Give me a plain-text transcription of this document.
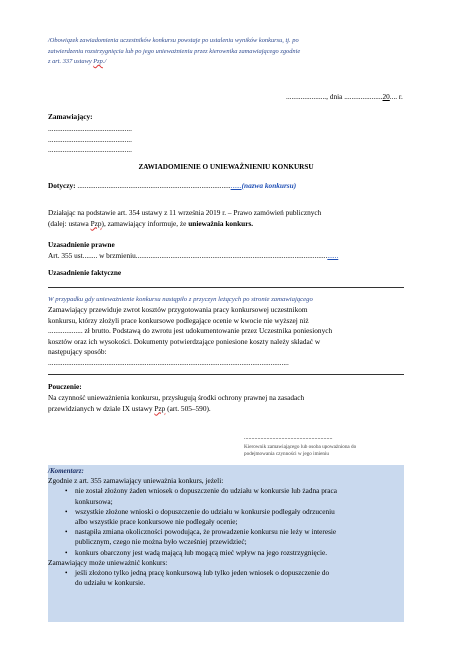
/Obowiązek zawiadomienia uczestników konkursu powstaje po ustaleniu wyników konkursu, tj. po
zatwierdzeniu rozstrzygnięcia lub po jego unieważnieniu przez kierownika zamawiającego zgodnie
z art. 337 ustawy Pzp./
......................, dnia .....................20.... r.
Zamawiający:
..............................................
..............................................
..............................................
ZAWIADOMIENIE O UNIEWAŻNIENIU KONKURSU
Dotyczy: ..........................................................................................(nazwa konkursu)
Działając na podstawie art. 354 ustawy z 11 września 2019 r. – Prawo zamówień publicznych
(dalej: ustawa Pzp), zamawiający informuje, że unieważnia konkurs.
Uzasadnienie prawne
Art. 355 ust........ w brzmieniu...............................................................................................................
Uzasadnienie faktyczne
W przypadku gdy unieważnienie konkursu nastąpiło z przyczyn leżących po stronie zamawiającego
Zamawiający przewiduje zwrot kosztów przygotowania pracy konkursowej uczestnikom
konkursu, którzy złożyli prace konkursowe podlegające ocenie w kwocie nie wyższej niż
................... zł brutto. Podstawą do zwrotu jest udokumentowanie przez Uczestnika poniesionych
kosztów oraz ich wysokości. Dokumenty potwierdzające poniesione koszty należy składać w
następujący sposób:
....................................................................................................................................
Pouczenie:
Na czynność unieważnienia konkursu, przysługują środki ochrony prawnej na zasadach
przewidzianych w dziale IX ustawy Pzp (art. 505–590).
...........................................................
Kierownik zamawiającego lub osoba upoważniona do
podejmowania czynności w jego imieniu
/Komentarz:
Zgodnie z art. 355 zamawiający unieważnia konkurs, jeżeli:
• nie został złożony żaden wniosek o dopuszczenie do udziału w konkursie lub żadna praca
konkursowa;
• wszystkie złożone wnioski o dopuszczenie do udziału w konkursie podlegały odrzuceniu
albo wszystkie prace konkursowe nie podlegały ocenie;
• nastąpiła zmiana okoliczności powodująca, że prowadzenie konkursu nie leży w interesie
publicznym, czego nie można było wcześniej przewidzieć;
• konkurs obarczony jest wadą mającą lub mogącą mieć wpływ na jego rozstrzygnięcie.
Zamawiający może unieważnić konkurs:
• jeśli złożono tylko jedną pracę konkursową lub tylko jeden wniosek o dopuszczenie do
do udziału w konkursie.
